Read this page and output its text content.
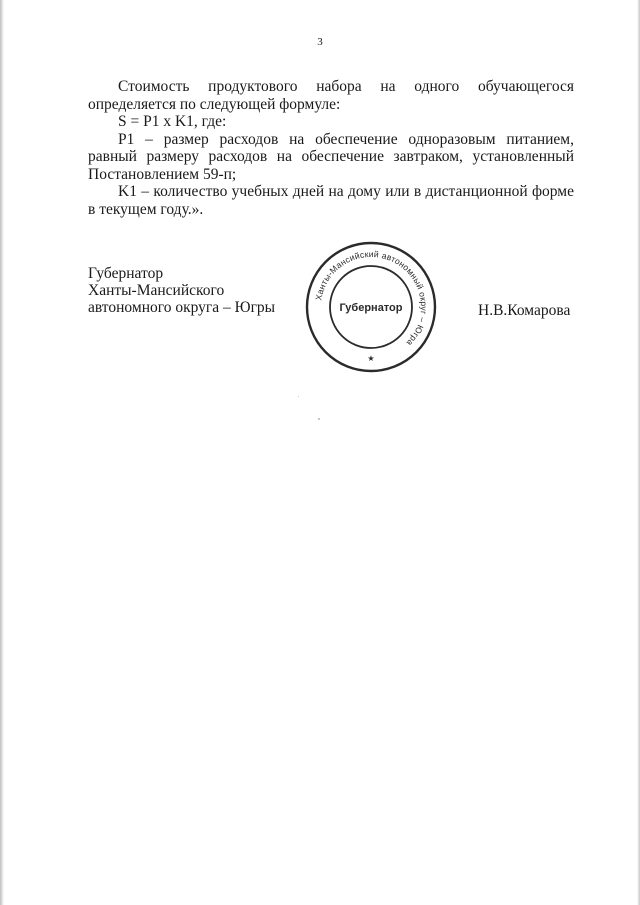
3

Стоимость продуктового набора на одного обучающегося определяется по следующей формуле:

S = P1 x K1, где:

P1 – размер расходов на обеспечение одноразовым питанием, равный размеру расходов на обеспечение завтраком, установленный Постановлением 59-п;

K1 – количество учебных дней на дому или в дистанционной форме в текущем году.».

Губернатор
Ханты-Мансийского
автономного округа – Югры
Ханты-Мансийский автономный округ – Югра
Губернатор
★
Н.В.Комарова
